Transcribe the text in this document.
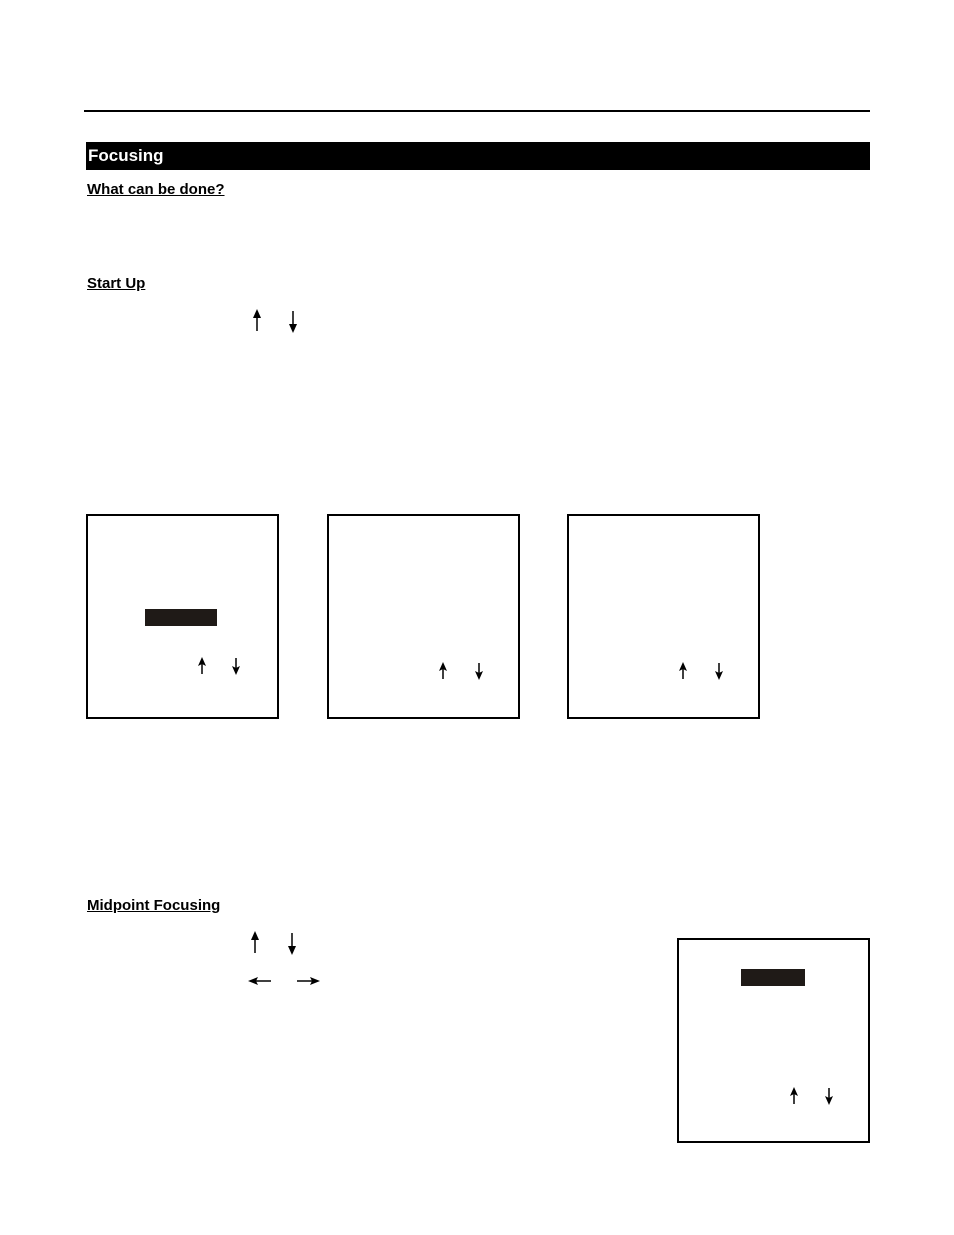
Focusing
What can be done?
Start Up
Midpoint Focusing
